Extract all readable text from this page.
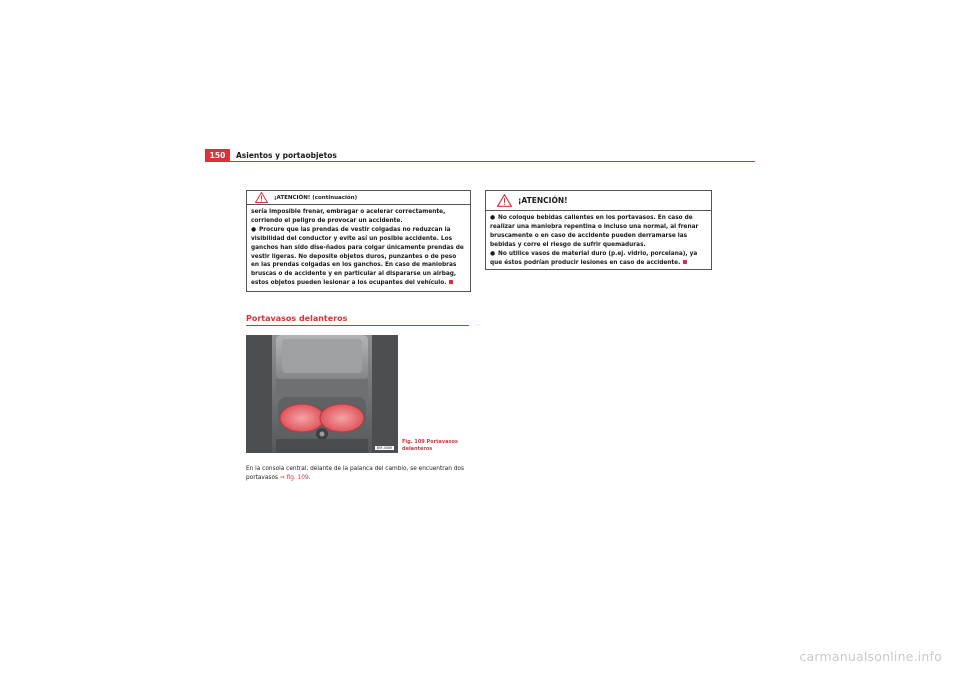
150	Asientos y portaobjetos
¡ATENCIÓN! (continuación)

sería imposible frenar, embragar o acelerar correctamente, corriendo el peligro de provocar un accidente.

● Procure que las prendas de vestir colgadas no reduzcan la visibilidad del conductor y evite así un posible accidente. Los ganchos han sido dise-ñados para colgar únicamente prendas de vestir ligeras. No deposite objetos duros, punzantes o de peso en las prendas colgadas en los ganchos. En caso de maniobras bruscas o de accidente y en particular al dispararse un airbag, estos objetos pueden lesionar a los ocupantes del vehículo.

Portavasos delanteros
B5F-0089
Fig. 109 Portavasos
delanteros
En la consola central, delante de la palanca del cambio, se encuentran dos portavasos ⇒ fig. 109.
¡ATENCIÓN!

● No coloque bebidas calientes en los portavasos. En caso de realizar una maniobra repentina o incluso una normal, al frenar bruscamente o en caso de accidente pueden derramarse las bebidas y corre el riesgo de sufrir quemaduras.

● No utilice vasos de material duro (p.ej. vidrio, porcelana), ya que éstos podrían producir lesiones en caso de accidente.

carmanualsonline.info
